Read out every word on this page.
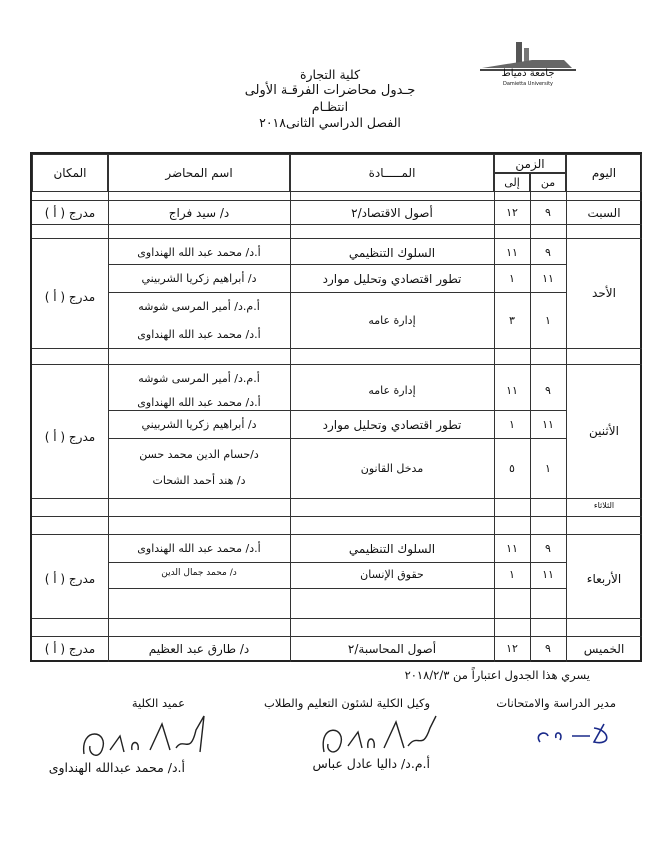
جامعة دمياط
Damietta University
كلية التجارة
جـدول محاضرات الفرقـة الأولى
انتظـام
الفصل الدراسي الثانى٢٠١٨
اليوم
الزمن
من
إلى
المـــــادة
اسم المحاضر
المكان
السبت
٩
١٢
أصول الاقتصاد/٢
د/ سيد فراج
مدرج ( أ )
الأحد
مدرج ( أ )
٩
١١
السلوك التنظيمي
أ.د/ محمد عبد الله الهنداوى
١١
١
تطور اقتصادي وتحليل موارد
د/ أبراهيم زكريا الشربيني
١
٣
إدارة عامه
أ.م.د/ أمير المرسى شوشه
أ.د/ محمد عبد الله الهنداوى
الأثنين
مدرج ( أ )
٩
١١
إدارة عامه
أ.م.د/ أمير المرسى شوشه
أ.د/ محمد عبد الله الهنداوى
١١
١
تطور اقتصادي وتحليل موارد
د/ أبراهيم زكريا الشربيني
١
٥
مدخل القانون
د/حسام الدين محمد حسن
د/ هند أحمد الشحات
الثلاثاء
الأربعاء
مدرج ( أ )
٩
١١
السلوك التنظيمي
أ.د/ محمد عبد الله الهنداوى
١١
١
حقوق الإنسان
د/ محمد جمال الدين
الخميس
٩
١٢
أصول المحاسبة/٢
د/ طارق عبد العظيم
مدرج ( أ )
يسري هذا الجدول اعتباراً من ٢٠١٨/٢/٣
مدير الدراسة والامتحانات
وكيل الكلية لشئون التعليم والطلاب
عميد الكلية
أ.م.د/ داليا عادل عباس
أ.د/ محمد عبدالله الهنداوى
